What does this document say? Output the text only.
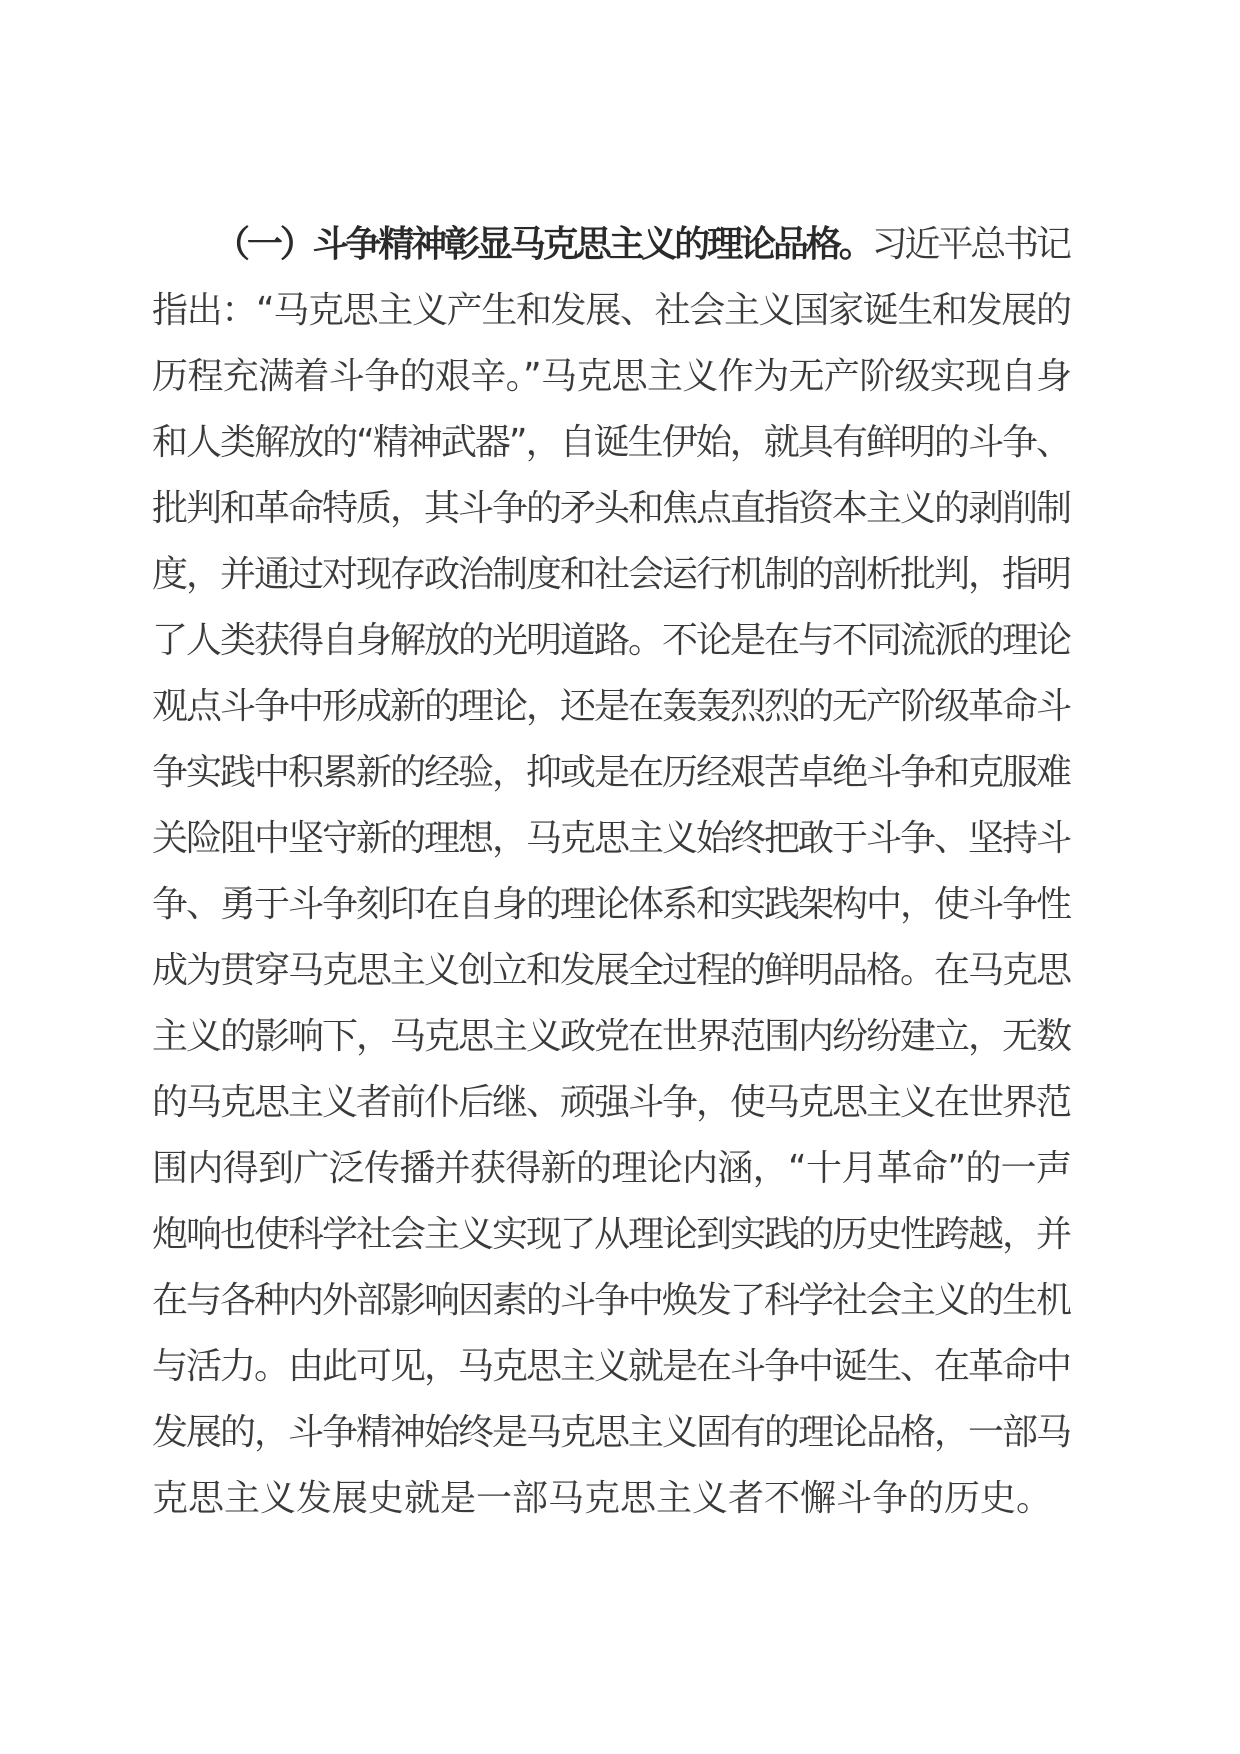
（一）斗争精神彰显马克思主义的理论品格。习近平总书记
指出：“马克思主义产生和发展、社会主义国家诞生和发展的
历程充满着斗争的艰辛。”马克思主义作为无产阶级实现自身
和人类解放的“精神武器”，自诞生伊始，就具有鲜明的斗争、
批判和革命特质，其斗争的矛头和焦点直指资本主义的剥削制
度，并通过对现存政治制度和社会运行机制的剖析批判，指明
了人类获得自身解放的光明道路。不论是在与不同流派的理论
观点斗争中形成新的理论，还是在轰轰烈烈的无产阶级革命斗
争实践中积累新的经验，抑或是在历经艰苦卓绝斗争和克服难
关险阻中坚守新的理想，马克思主义始终把敢于斗争、坚持斗
争、勇于斗争刻印在自身的理论体系和实践架构中，使斗争性
成为贯穿马克思主义创立和发展全过程的鲜明品格。在马克思
主义的影响下，马克思主义政党在世界范围内纷纷建立，无数
的马克思主义者前仆后继、顽强斗争，使马克思主义在世界范
围内得到广泛传播并获得新的理论内涵，“十月革命”的一声
炮响也使科学社会主义实现了从理论到实践的历史性跨越，并
在与各种内外部影响因素的斗争中焕发了科学社会主义的生机
与活力。由此可见，马克思主义就是在斗争中诞生、在革命中
发展的，斗争精神始终是马克思主义固有的理论品格，一部马
克思主义发展史就是一部马克思主义者不懈斗争的历史。
